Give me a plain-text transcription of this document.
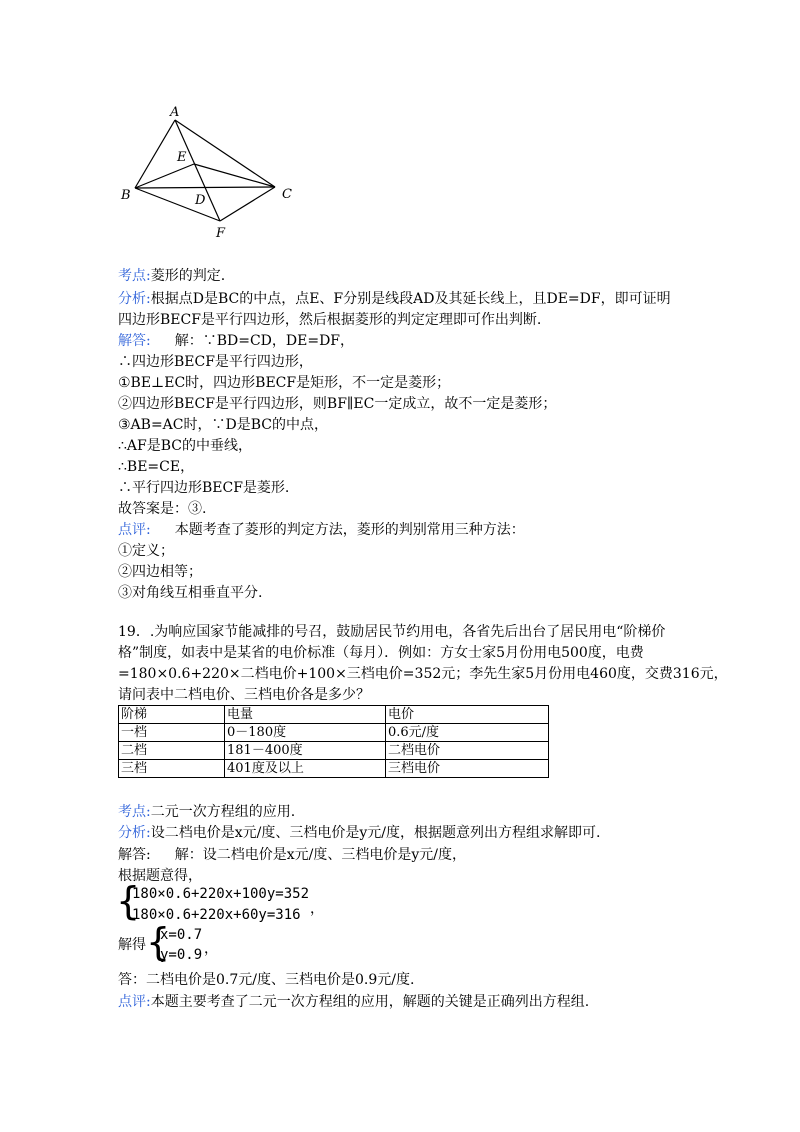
A
E
B	D	C
F
考点:菱形的判定.
分析:根据点D是BC的中点，点E、F分别是线段AD及其延长线上，且DE=DF，即可证明
四边形BECF是平行四边形，然后根据菱形的判定定理即可作出判断.
解答: 解：∵BD=CD，DE=DF，
∴四边形BECF是平行四边形，
①BE⊥EC时，四边形BECF是矩形，不一定是菱形；
②四边形BECF是平行四边形，则BF∥EC一定成立，故不一定是菱形；
③AB=AC时，∵D是BC的中点，
∴AF是BC的中垂线，
∴BE=CE，
∴平行四边形BECF是菱形.
故答案是：③.
点评: 本题考查了菱形的判定方法，菱形的判别常用三种方法：
①定义；
②四边相等；
③对角线互相垂直平分.
19．.为响应国家节能减排的号召，鼓励居民节约用电，各省先后出台了居民用电“阶梯价
格”制度，如表中是某省的电价标准（每月）．例如：方女士家5月份用电500度，电费
=180×0.6+220×二档电价+100×三档电价=352元；李先生家5月份用电460度，交费316元，
请问表中二档电价、三档电价各是多少？
阶梯	电量	电价
一档	0－180度	0.6元/度
二档	181－400度	二档电价
三档	401度及以上	三档电价
考点:二元一次方程组的应用.
分析:设二档电价是x元/度、三档电价是y元/度，根据题意列出方程组求解即可.
解答: 解：设二档电价是x元/度、三档电价是y元/度，
根据题意得，
{
180×0.6+220x+100y=352
180×0.6+220x+60y=316 ，
解得 {
x=0.7
y=0.9 ，
答：二档电价是0.7元/度、三档电价是0.9元/度.
点评:本题主要考查了二元一次方程组的应用，解题的关键是正确列出方程组.
